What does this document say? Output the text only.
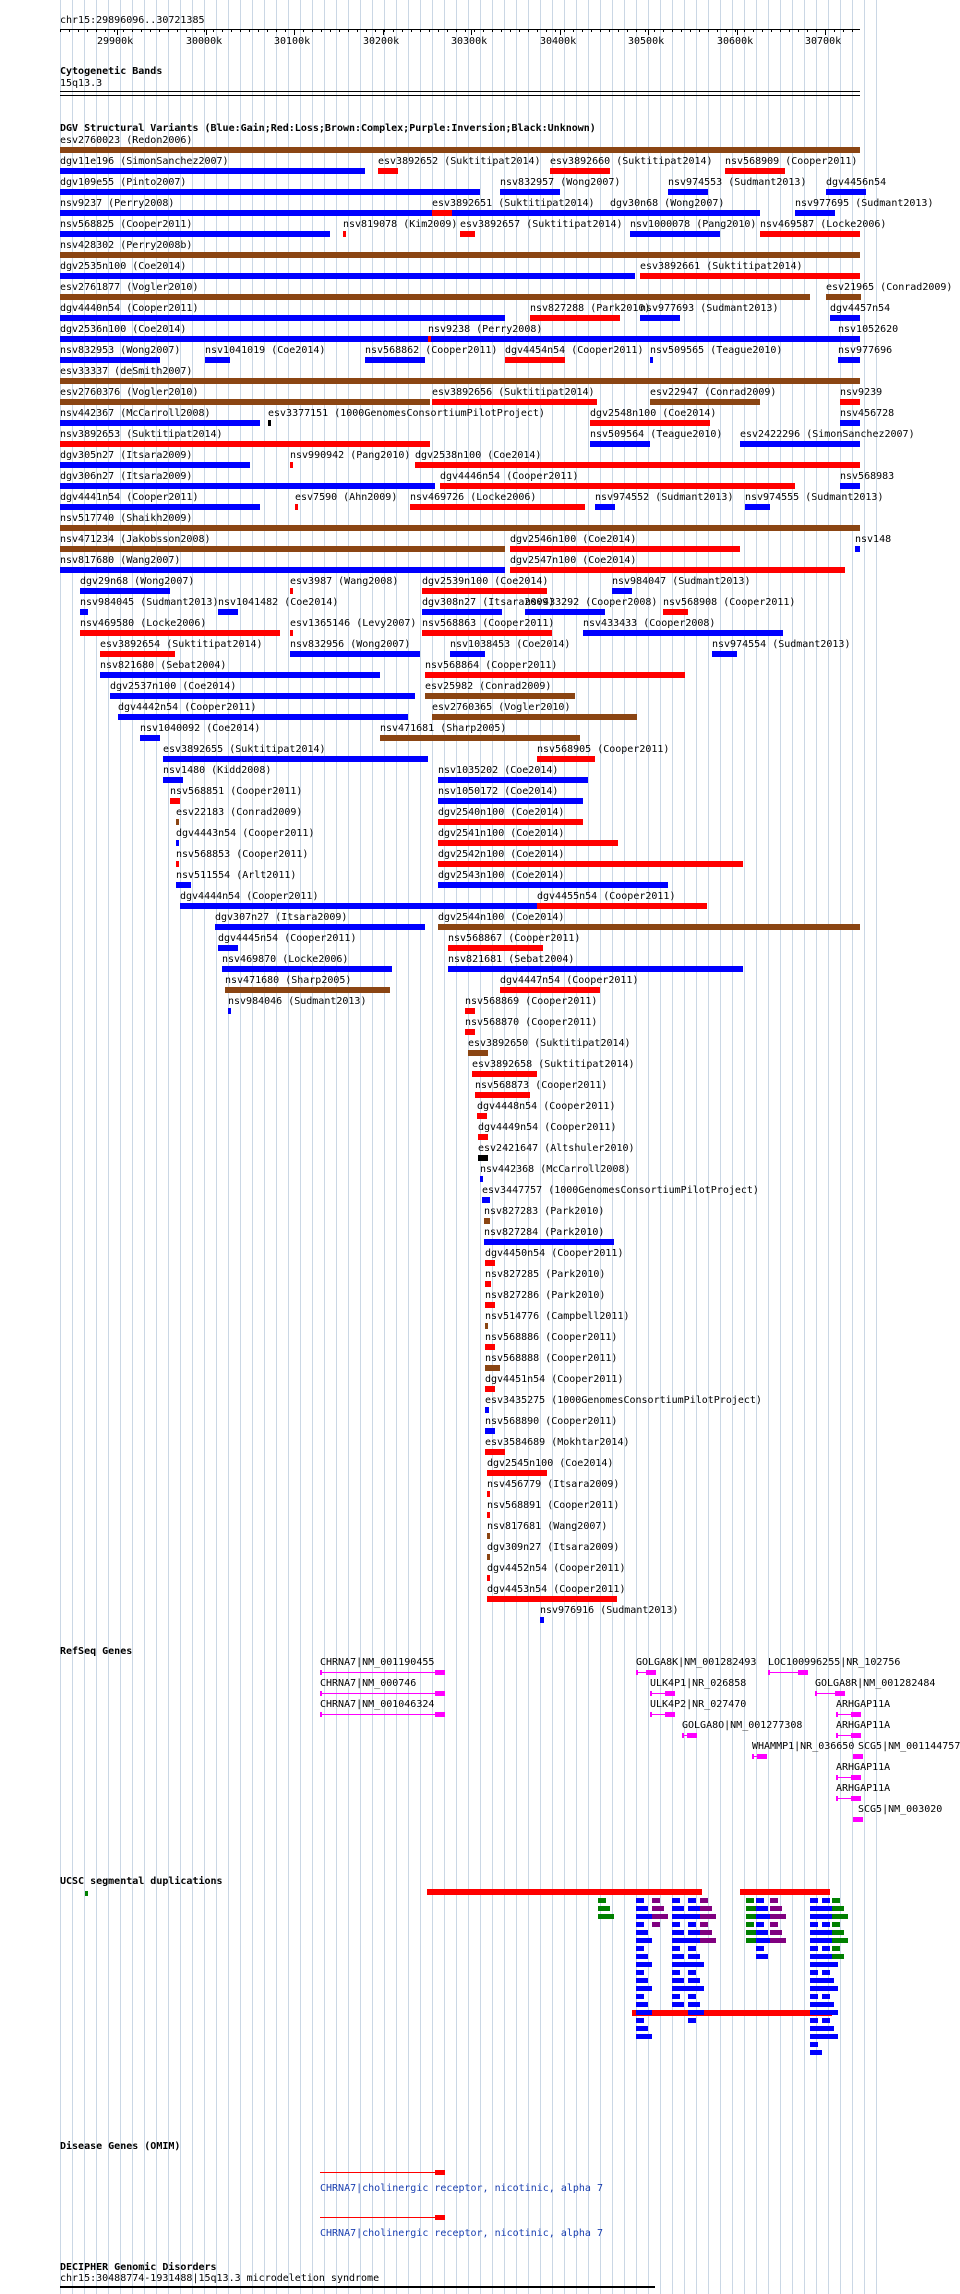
chr15:29896096..30721385
29900k	30000k	30100k	30200k	30300k	30400k	30500k	30600k	30700k
Cytogenetic Bands
15q13.3
DGV Structural Variants (Blue:Gain;Red:Loss;Brown:Complex;Purple:Inversion;Black:Unknown)
esv2760023 (Redon2006)
dgv11e196 (SimonSanchez2007)	esv3892652 (Suktitipat2014) esv3892660 (Suktitipat2014) nsv568909 (Cooper2011)
dgv109e55 (Pinto2007)	nsv832957 (Wong2007)	nsv974553 (Sudmant2013) dgv4456n54
nsv9237 (Perry2008)	esv3892651 (Suktitipat2014) dgv30n68 (Wong2007)	nsv977695 (Sudmant2013)
nsv568825 (Cooper2011)	nsv819078 (Kim2009) esv3892657 (Suktitipat2014) nsv1000078 (Pang2010) nsv469587 (Locke2006)
nsv428302 (Perry2008b)
dgv2535n100 (Coe2014)	esv3892661 (Suktitipat2014)
esv2761877 (Vogler2010)	esv21965 (Conrad2009)
dgv4440n54 (Cooper2011)	nsv827288 (Park2010)
nsv977693 (Sudmant2013)	dgv4457n54
dgv2536n100 (Coe2014)	nsv9238 (Perry2008)	nsv1052620
nsv832953 (Wong2007) nsv1041019 (Coe2014)	nsv568862 (Cooper2011) dgv4454n54 (Cooper2011) nsv509565 (Teague2010)	nsv977696
esv33337 (deSmith2007)
esv2760376 (Vogler2010)	esv3892656 (Suktitipat2014)	esv22947 (Conrad2009)	nsv9239
nsv442367 (McCarroll2008)	esv3377151 (1000GenomesConsortiumPilotProject)	dgv2548n100 (Coe2014)	nsv456728
nsv3892653 (Suktitipat2014)	nsv509564 (Teague2010) esv2422296 (SimonSanchez2007)
dgv305n27 (Itsara2009)	nsv990942 (Pang2010) dgv2538n100 (Coe2014)
dgv306n27 (Itsara2009)	dgv4446n54 (Cooper2011)	nsv568983
dgv4441n54 (Cooper2011)	esv7590 (Ahn2009) nsv469726 (Locke2006)	nsv974552 (Sudmant2013) nsv974555 (Sudmant2013)
nsv517740 (Shaikh2009)
nsv471234 (Jakobsson2008)	dgv2546n100 (Coe2014)	nsv148
nsv817680 (Wang2007)	dgv2547n100 (Coe2014)
dgv29n68 (Wong2007)	esv3987 (Wang2008) dgv2539n100 (Coe2014)	nsv984047 (Sudmant2013)
nsv984045 (Sudmant2013) nsv1041482 (Coe2014)	dgv308n27 (Itsara2009)
nsv433292 (Cooper2008) nsv568908 (Cooper2011)
nsv469580 (Locke2006)	esv1365146 (Levy2007) nsv568863 (Cooper2011)	nsv433433 (Cooper2008)
esv3892654 (Suktitipat2014)	nsv832956 (Wong2007)	nsv1038453 (Coe2014)	nsv974554 (Sudmant2013)
nsv821680 (Sebat2004)	nsv568864 (Cooper2011)
dgv2537n100 (Coe2014)	esv25982 (Conrad2009)
dgv4442n54 (Cooper2011)	esv2760365 (Vogler2010)
nsv1040092 (Coe2014)	nsv471681 (Sharp2005)
esv3892655 (Suktitipat2014)	nsv568905 (Cooper2011)
nsv1480 (Kidd2008)	nsv1035202 (Coe2014)
nsv568851 (Cooper2011)	nsv1050172 (Coe2014)
esv22183 (Conrad2009)	dgv2540n100 (Coe2014)
dgv4443n54 (Cooper2011)	dgv2541n100 (Coe2014)
nsv568853 (Cooper2011)	dgv2542n100 (Coe2014)
nsv511554 (Arlt2011)	dgv2543n100 (Coe2014)
dgv4444n54 (Cooper2011)	dgv4455n54 (Cooper2011)
dgv307n27 (Itsara2009)	dgv2544n100 (Coe2014)
dgv4445n54 (Cooper2011)	nsv568867 (Cooper2011)
nsv469870 (Locke2006)	nsv821681 (Sebat2004)
nsv471680 (Sharp2005)	dgv4447n54 (Cooper2011)
nsv984046 (Sudmant2013)	nsv568869 (Cooper2011)
nsv568870 (Cooper2011)
esv3892650 (Suktitipat2014)
esv3892658 (Suktitipat2014)
nsv568873 (Cooper2011)
dgv4448n54 (Cooper2011)
dgv4449n54 (Cooper2011)
esv2421647 (Altshuler2010)
nsv442368 (McCarroll2008)
esv3447757 (1000GenomesConsortiumPilotProject)
nsv827283 (Park2010)
nsv827284 (Park2010)
dgv4450n54 (Cooper2011)
nsv827285 (Park2010)
nsv827286 (Park2010)
nsv514776 (Campbell2011)
nsv568886 (Cooper2011)
nsv568888 (Cooper2011)
dgv4451n54 (Cooper2011)
esv3435275 (1000GenomesConsortiumPilotProject)
nsv568890 (Cooper2011)
esv3584689 (Mokhtar2014)
dgv2545n100 (Coe2014)
nsv456779 (Itsara2009)
nsv568891 (Cooper2011)
nsv817681 (Wang2007)
dgv309n27 (Itsara2009)
dgv4452n54 (Cooper2011)
dgv4453n54 (Cooper2011)
nsv976916 (Sudmant2013)
RefSeq Genes
CHRNA7|NM_001190455
CHRNA7|NM_000746
CHRNA7|NM_001046324
GOLGA8K|NM_001282493
ULK4P1|NR_026858
ULK4P2|NR_027470
GOLGA8O|NM_001277308
LOC100996255|NR_102756
GOLGA8R|NM_001282484
ARHGAP11A
ARHGAP11A
WHAMMP1|NR_036650 SCG5|NM_001144757
ARHGAP11A
ARHGAP11A
SCG5|NM_003020
UCSC segmental duplications
Disease Genes (OMIM)
CHRNA7|cholinergic receptor, nicotinic, alpha 7
CHRNA7|cholinergic receptor, nicotinic, alpha 7
DECIPHER Genomic Disorders
chr15:30488774-1931488|15q13.3 microdeletion syndrome
